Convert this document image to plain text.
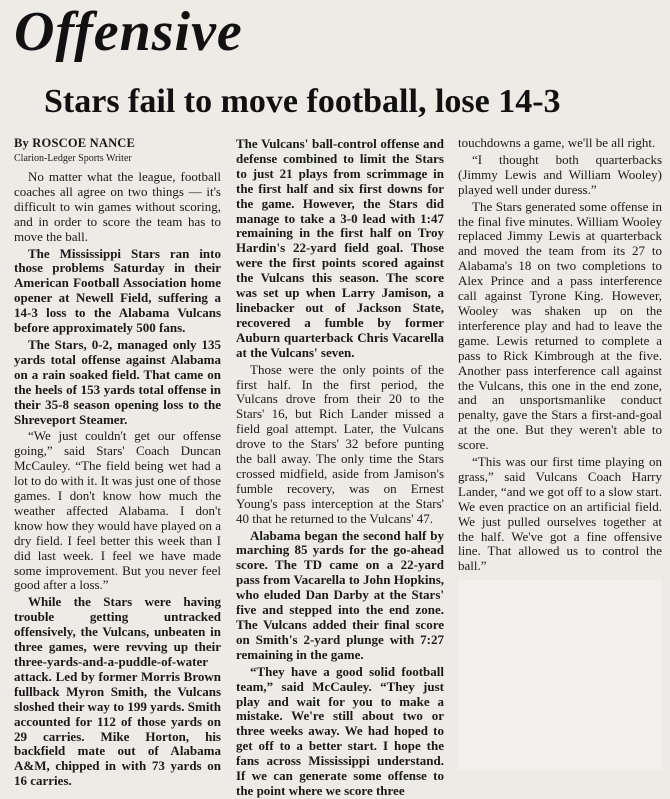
Offensive
Stars fail to move football, lose 14-3
By ROSCOE NANCE
Clarion-Ledger Sports Writer

No matter what the league, football coaches all agree on two things — it's difficult to win games without scoring, and in order to score the team has to move the ball.

The Mississippi Stars ran into those problems Saturday in their American Football Association home opener at Newell Field, suffering a 14-3 loss to the Alabama Vulcans before approximately 500 fans.

The Stars, 0-2, managed only 135 yards total offense against Alabama on a rain soaked field. That came on the heels of 153 yards total offense in their 35-8 season opening loss to the Shreveport Steamer.

“We just couldn't get our offense going,” said Stars' Coach Duncan McCauley. “The field being wet had a lot to do with it. It was just one of those games. I don't know how much the weather affected Alabama. I don't know how they would have played on a dry field. I feel better this week than I did last week. I feel we have made some improvement. But you never feel good after a loss.”

While the Stars were having trouble getting untracked offensively, the Vulcans, unbeaten in three games, were revving up their three-yards-and-a-puddle-of-water attack. Led by former Morris Brown fullback Myron Smith, the Vulcans sloshed their way to 199 yards. Smith accounted for 112 of those yards on 29 carries. Mike Horton, his backfield mate out of Alabama A&M, chipped in with 73 yards on 16 carries.

The Vulcans' ball-control offense and defense combined to limit the Stars to just 21 plays from scrimmage in the first half and six first downs for the game. However, the Stars did manage to take a 3-0 lead with 1:47 remaining in the first half on Troy Hardin's 22-yard field goal. Those were the first points scored against the Vulcans this season. The score was set up when Larry Jamison, a linebacker out of Jackson State, recovered a fumble by former Auburn quarterback Chris Vacarella at the Vulcans' seven.

Those were the only points of the first half. In the first period, the Vulcans drove from their 20 to the Stars' 16, but Rich Lander missed a field goal attempt. Later, the Vulcans drove to the Stars' 32 before punting the ball away. The only time the Stars crossed midfield, aside from Jamison's fumble recovery, was on Ernest Young's pass interception at the Stars' 40 that he returned to the Vulcans' 47.

Alabama began the second half by marching 85 yards for the go-ahead score. The TD came on a 22-yard pass from Vacarella to John Hopkins, who eluded Dan Darby at the Stars' five and stepped into the end zone. The Vulcans added their final score on Smith's 2-yard plunge with 7:27 remaining in the game.

“They have a good solid football team,” said McCauley. “They just play and wait for you to make a mistake. We're still about two or three weeks away. We had hoped to get off to a better start. I hope the fans across Mississippi understand. If we can generate some offense to the point where we score three

touchdowns a game, we'll be all right.

“I thought both quarterbacks (Jimmy Lewis and William Wooley) played well under duress.”

The Stars generated some offense in the final five minutes. William Wooley replaced Jimmy Lewis at quarterback and moved the team from its 27 to Alabama's 18 on two completions to Alex Prince and a pass interference call against Tyrone King. However, Wooley was shaken up on the interference play and had to leave the game. Lewis returned to complete a pass to Rick Kimbrough at the five. Another pass interference call against the Vulcans, this one in the end zone, and an unsportsmanlike conduct penalty, gave the Stars a first-and-goal at the one. But they weren't able to score.

“This was our first time playing on grass,” said Vulcans Coach Harry Lander, “and we got off to a slow start. We even practice on an artificial field. We just pulled ourselves together at the half. We've got a fine offensive line. That allowed us to control the ball.”
